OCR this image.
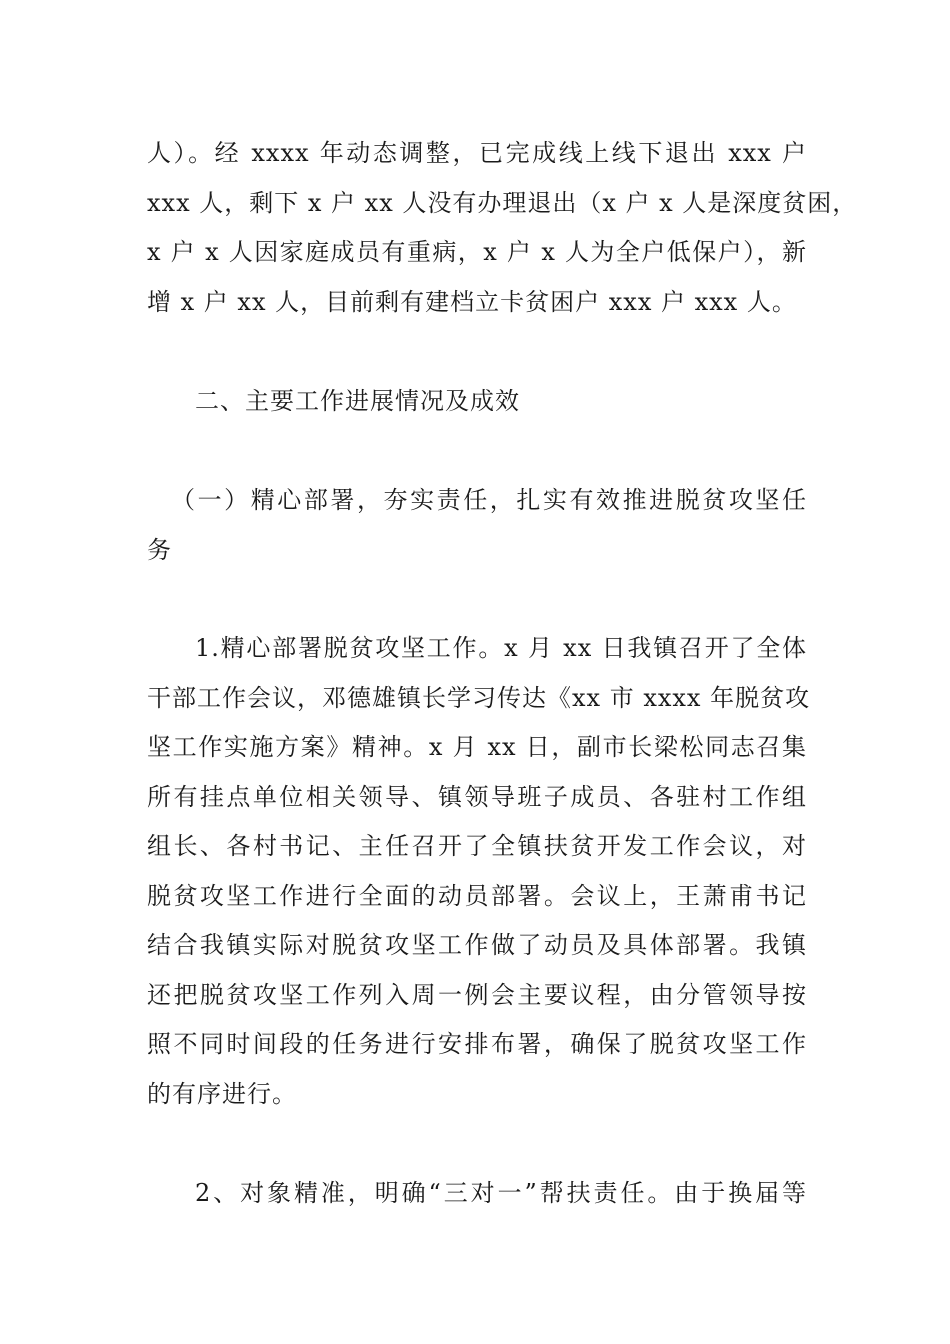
人）。经 xxxx 年动态调整，已完成线上线下退出 xxx 户
xxx 人，剩下 x 户 xx 人没有办理退出（x 户 x 人是深度贫困，
x 户 x 人因家庭成员有重病，x 户 x 人为全户低保户），新
增 x 户 xx 人，目前剩有建档立卡贫困户 xxx 户 xxx 人。
二、主要工作进展情况及成效
（一）精心部署，夯实责任，扎实有效推进脱贫攻坚任
务
1.精心部署脱贫攻坚工作。x 月 xx 日我镇召开了全体
干部工作会议，邓德雄镇长学习传达《xx 市 xxxx 年脱贫攻
坚工作实施方案》精神。x 月 xx 日，副市长梁松同志召集
所有挂点单位相关领导、镇领导班子成员、各驻村工作组
组长、各村书记、主任召开了全镇扶贫开发工作会议，对
脱贫攻坚工作进行全面的动员部署。会议上，王萧甫书记
结合我镇实际对脱贫攻坚工作做了动员及具体部署。我镇
还把脱贫攻坚工作列入周一例会主要议程，由分管领导按
照不同时间段的任务进行安排布署，确保了脱贫攻坚工作
的有序进行。
2、对象精准，明确“三对一”帮扶责任。由于换届等
